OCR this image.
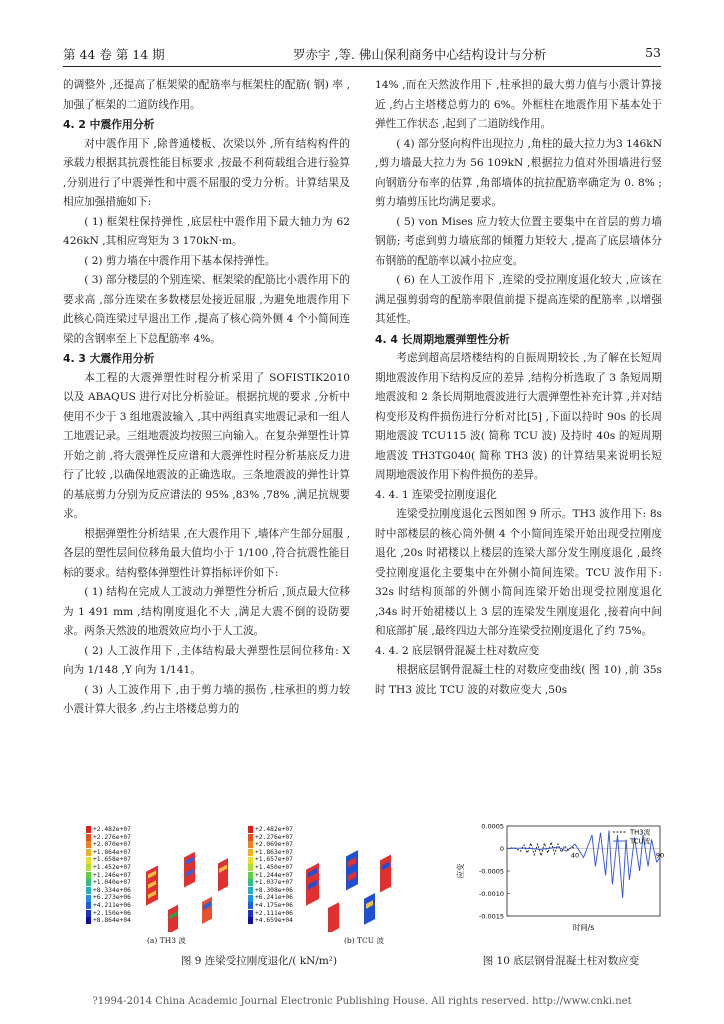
第 44 卷 第 14 期	罗赤宇 ,等. 佛山保利商务中心结构设计与分析	53

的调整外 ,还提高了框架梁的配筋率与框架柱的配筋( 钢) 率 ,加强了框架的二道防线作用。

4. 2 中震作用分析

对中震作用下 ,除普通楼板、次梁以外 ,所有结构构件的承载力根据其抗震性能目标要求 ,按最不利荷载组合进行验算 ,分别进行了中震弹性和中震不屈服的受力分析。计算结果及相应加强措施如下:

( 1) 框架柱保持弹性 ,底层柱中震作用下最大轴力为 62 426kN ,其相应弯矩为 3 170kN·m。

( 2) 剪力墙在中震作用下基本保持弹性。

( 3) 部分楼层的个别连梁、框架梁的配筋比小震作用下的要求高 ,部分连梁在多数楼层处接近屈服 ,为避免地震作用下此核心筒连梁过早退出工作 ,提高了核心筒外侧 4 个小简间连梁的含钢率至上下总配筋率 4%。

4. 3 大震作用分析

本工程的大震弹塑性时程分析采用了 SOFISTIK2010 以及 ABAQUS 进行对比分析验证。根据抗规的要求 ,分析中使用不少于 3 组地震波输入 ,其中两组真实地震记录和一组人工地震记录。三组地震波均按照三向输入。在复杂弹塑性计算开始之前 ,将大震弹性反应谱和大震弹性时程分析基底反力进行了比较 ,以确保地震波的正确选取。三条地震波的弹性计算的基底剪力分别为反应谱法的 95% ,83% ,78% ,满足抗规要求。

根据弹塑性分析结果 ,在大震作用下 ,墙体产生部分屈服 ,各层的塑性层间位移角最大值均小于 1/100 ,符合抗震性能目标的要求。结构整体弹塑性计算指标评价如下:

( 1) 结构在完成人工波动力弹塑性分析后 ,顶点最大位移为 1 491 mm ,结构刚度退化不大 ,满足大震不倒的设防要求。两条天然波的地震效应均小于人工波。

( 2) 人工波作用下 ,主体结构最大弹塑性层间位移角: X 向为 1/148 ,Y 向为 1/141。

( 3) 人工波作用下 ,由于剪力墙的损伤 ,柱承担的剪力较小震计算大很多 ,约占主塔楼总剪力的

14% ,而在天然波作用下 ,柱承担的最大剪力值与小震计算接近 ,约占主塔楼总剪力的 6%。外框柱在地震作用下基本处于弹性工作状态 ,起到了二道防线作用。

( 4) 部分竖向构件出现拉力 ,角柱的最大拉力为3 146kN ,剪力墙最大拉力为 56 109kN ,根据拉力值对外围墙进行竖向钢筋分布率的估算 ,角部墙体的抗拉配筋率确定为 0. 8% ; 剪力墙剪压比均满足要求。

( 5) von Mises 应力较大位置主要集中在首层的剪力墙钢筋; 考虑到剪力墙底部的倾覆力矩较大 ,提高了底层墙体分布钢筋的配筋率以减小拉应变。

( 6) 在人工波作用下 ,连梁的受拉刚度退化较大 ,应该在满足强剪弱弯的配筋率限值前提下提高连梁的配筋率 ,以增强其延性。

4. 4 长周期地震弹塑性分析

考虑到超高层塔楼结构的自振周期较长 ,为了解在长短周期地震波作用下结构反应的差异 ,结构分析选取了 3 条短周期地震波和 2 条长周期地震波进行大震弹塑性补充计算 ,并对结构变形及构件损伤进行分析对比[5] ,下面以持时 90s 的长周期地震波 TCU115 波( 简称 TCU 波) 及持时 40s 的短周期地震波 TH3TG040( 简称 TH3 波) 的计算结果来说明长短周期地震波作用下构件损伤的差异。

4. 4. 1 连梁受拉刚度退化

连梁受拉刚度退化云图如图 9 所示。TH3 波作用下: 8s 时中部楼层的核心筒外侧 4 个小简间连梁开始出现受拉刚度退化 ,20s 时裙楼以上楼层的连梁大部分发生刚度退化 ,最终受拉刚度退化主要集中在外侧小简间连梁。TCU 波作用下: 32s 时结构顶部的外侧小简间连梁开始出现受拉刚度退化 ,34s 时开始裙楼以上 3 层的连梁发生刚度退化 ,接着向中间和底部扩展 ,最终四边大部分连梁受拉刚度退化了约 75%。

4. 4. 2 底层钢骨混凝土柱对数应变

根据底层钢骨混凝土柱的对数应变曲线( 图 10) ,前 35s 时 TH3 波比 TCU 波的对数应变大 ,50s

+2.482e+07
+2.276e+07
+2.070e+07
+1.864e+07
+1.658e+07
+1.452e+07
+1.246e+07
+1.040e+07
+8.334e+06
+6.273e+06
+4.211e+06
+2.150e+06
+8.864e+04
(a) TH3 波
+2.482e+07
+2.276e+07
+2.069e+07
+1.863e+07
+1.657e+07
+1.450e+07
+1.244e+07
+1.037e+07
+8.308e+06
+6.241e+06
+4.175e+06
+2.111e+06
+4.659e+04
(b) TCU 波
图 9 连梁受拉刚度退化/( kN/m²)
0.0005
0
-0.0005
-0.0010
-0.0015
40	90
时间/s
应变
TH3波
TCU波
图 10 底层钢骨混凝土柱对数应变
?1994-2014 China Academic Journal Electronic Publishing House. All rights reserved. http://www.cnki.net
